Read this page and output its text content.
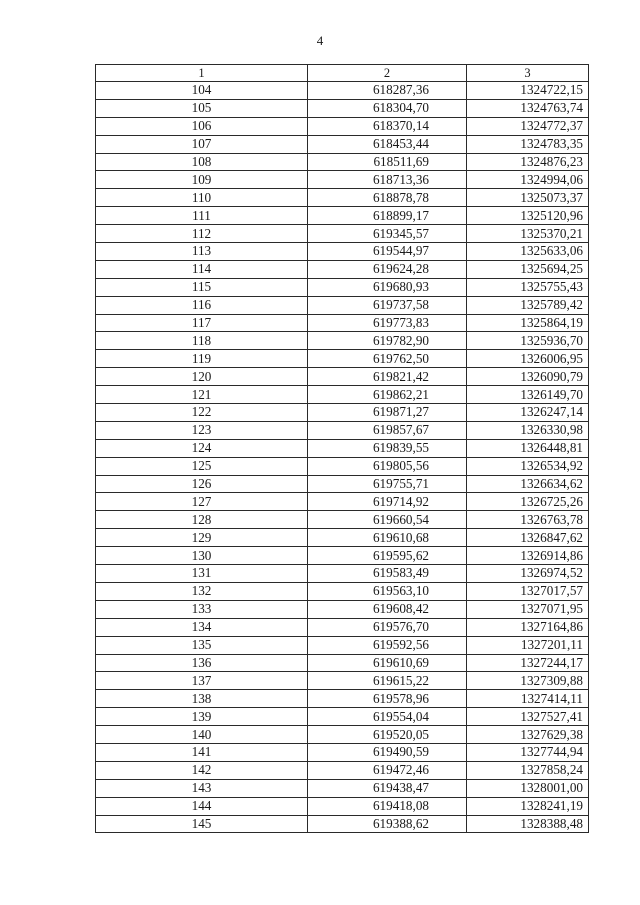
4
1	2	3
104	618287,36	1324722,15
105	618304,70	1324763,74
106	618370,14	1324772,37
107	618453,44	1324783,35
108	618511,69	1324876,23
109	618713,36	1324994,06
110	618878,78	1325073,37
111	618899,17	1325120,96
112	619345,57	1325370,21
113	619544,97	1325633,06
114	619624,28	1325694,25
115	619680,93	1325755,43
116	619737,58	1325789,42
117	619773,83	1325864,19
118	619782,90	1325936,70
119	619762,50	1326006,95
120	619821,42	1326090,79
121	619862,21	1326149,70
122	619871,27	1326247,14
123	619857,67	1326330,98
124	619839,55	1326448,81
125	619805,56	1326534,92
126	619755,71	1326634,62
127	619714,92	1326725,26
128	619660,54	1326763,78
129	619610,68	1326847,62
130	619595,62	1326914,86
131	619583,49	1326974,52
132	619563,10	1327017,57
133	619608,42	1327071,95
134	619576,70	1327164,86
135	619592,56	1327201,11
136	619610,69	1327244,17
137	619615,22	1327309,88
138	619578,96	1327414,11
139	619554,04	1327527,41
140	619520,05	1327629,38
141	619490,59	1327744,94
142	619472,46	1327858,24
143	619438,47	1328001,00
144	619418,08	1328241,19
145	619388,62	1328388,48
